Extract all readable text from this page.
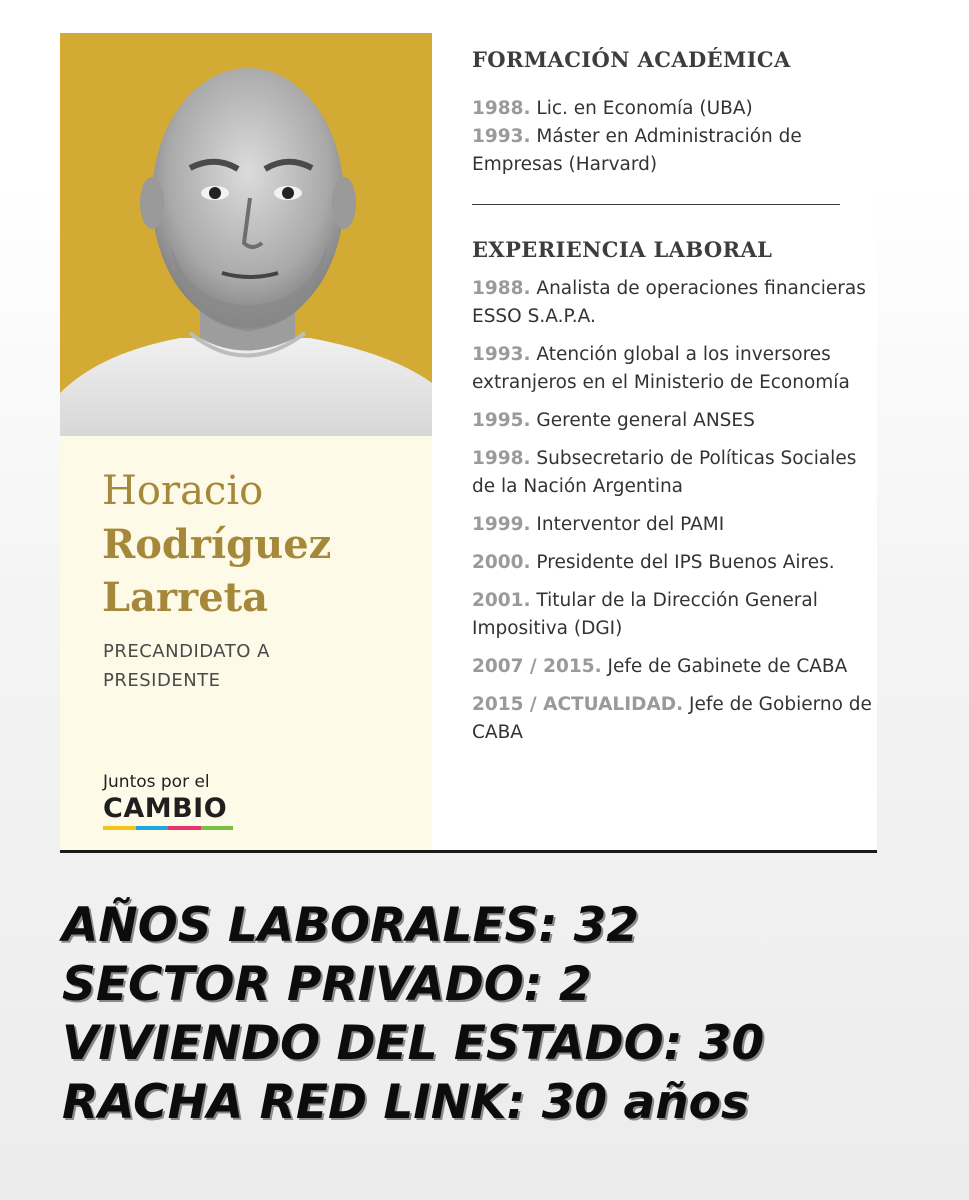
Horacio
Rodríguez
Larreta
PRECANDIDATO A PRESIDENTE
Juntos por el
CAMBIO
FORMACIÓN ACADÉMICA

1988. Lic. en Economía (UBA)

1993. Máster en Administración de Empresas (Harvard)

EXPERIENCIA LABORAL

1988. Analista de operaciones financieras ESSO S.A.P.A.

1993. Atención global a los inversores extranjeros en el Ministerio de Economía

1995. Gerente general ANSES

1998. Subsecretario de Políticas Sociales de la Nación Argentina

1999. Interventor del PAMI

2000. Presidente del IPS Buenos Aires.

2001. Titular de la Dirección General Impositiva (DGI)

2007 / 2015. Jefe de Gabinete de CABA

2015 / ACTUALIDAD. Jefe de Gobierno de CABA

AÑOS LABORALES: 32
SECTOR PRIVADO: 2
VIVIENDO DEL ESTADO: 30
RACHA RED LINK: 30 años
